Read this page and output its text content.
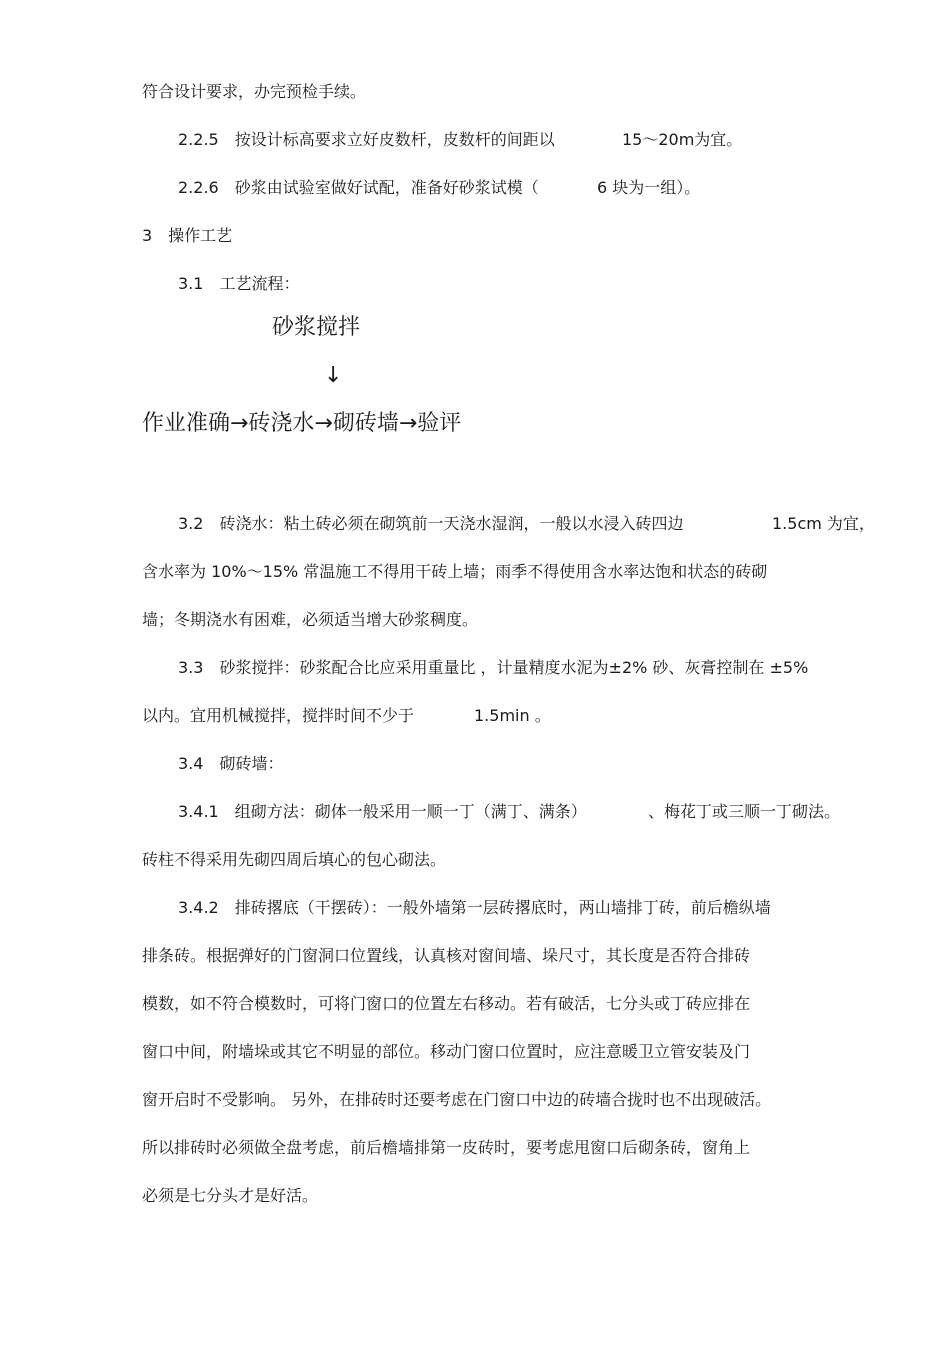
符合设计要求，办完预检手续。
2.2.5　按设计标高要求立好皮数杆，皮数杆的间距以	15～20m为宜。
2.2.6　砂浆由试验室做好试配，准备好砂浆试模（	6 块为一组）。
3　操作工艺
3.1　工艺流程：
砂浆搅拌
↓
作业准确→砖浇水→砌砖墙→验评
3.2　砖浇水：粘土砖必须在砌筑前一天浇水湿润，一般以水浸入砖四边	1.5cm 为宜，
含水率为 10%～15% 常温施工不得用干砖上墙；雨季不得使用含水率达饱和状态的砖砌
墙；冬期浇水有困难，必须适当增大砂浆稠度。
3.3　砂浆搅拌：砂浆配合比应采用重量比 ，计量精度水泥为±2% 砂、灰膏控制在 ±5%
以内。宜用机械搅拌，搅拌时间不少于	1.5min 。
3.4　砌砖墙：
3.4.1　组砌方法：砌体一般采用一顺一丁（满丁、满条）	、梅花丁或三顺一丁砌法。
砖柱不得采用先砌四周后填心的包心砌法。
3.4.2　排砖撂底（干摆砖）：一般外墙第一层砖撂底时，两山墙排丁砖，前后檐纵墙
排条砖。根据弹好的门窗洞口位置线，认真核对窗间墙、垛尺寸，其长度是否符合排砖
模数，如不符合模数时，可将门窗口的位置左右移动。若有破活，七分头或丁砖应排在
窗口中间，附墙垛或其它不明显的部位。移动门窗口位置时，应注意暖卫立管安装及门
窗开启时不受影响。 另外，在排砖时还要考虑在门窗口中边的砖墙合拢时也不出现破活。
所以排砖时必须做全盘考虑，前后檐墙排第一皮砖时，要考虑甩窗口后砌条砖，窗角上
必须是七分头才是好活。
